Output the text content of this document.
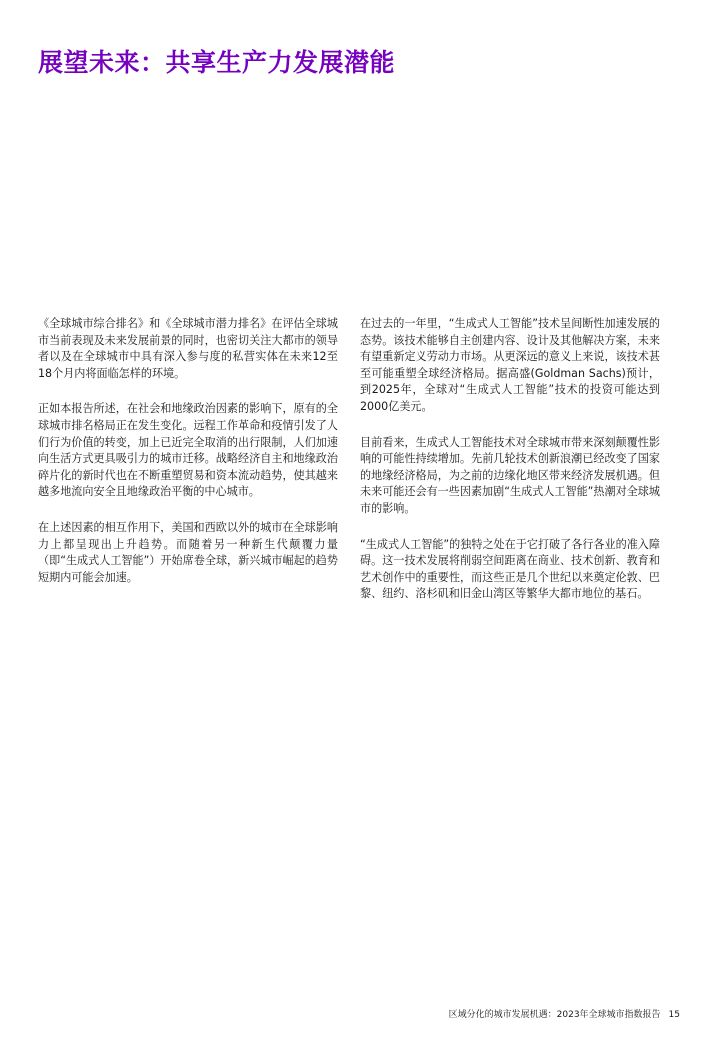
展望未来：共享生产力发展潜能

《全球城市综合排名》和《全球城市潜力排名》在评估全球城市当前表现及未来发展前景的同时，也密切关注大都市的领导者以及在全球城市中具有深入参与度的私营实体在未来12至18个月内将面临怎样的环境。

正如本报告所述，在社会和地缘政治因素的影响下，原有的全球城市排名格局正在发生变化。远程工作革命和疫情引发了人们行为价值的转变，加上已近完全取消的出行限制，人们加速向生活方式更具吸引力的城市迁移。战略经济自主和地缘政治碎片化的新时代也在不断重塑贸易和资本流动趋势，使其越来越多地流向安全且地缘政治平衡的中心城市。

在上述因素的相互作用下，美国和西欧以外的城市在全球影响力上都呈现出上升趋势。而随着另一种新生代颠覆力量（即“生成式人工智能”）开始席卷全球，新兴城市崛起的趋势短期内可能会加速。

在过去的一年里，“生成式人工智能”技术呈间断性加速发展的态势。该技术能够自主创建内容、设计及其他解决方案，未来有望重新定义劳动力市场。从更深远的意义上来说，该技术甚至可能重塑全球经济格局。据高盛(Goldman Sachs)预计，到2025年，全球对“生成式人工智能”技术的投资可能达到2000亿美元。

目前看来，生成式人工智能技术对全球城市带来深刻颠覆性影响的可能性持续增加。先前几轮技术创新浪潮已经改变了国家的地缘经济格局，为之前的边缘化地区带来经济发展机遇。但未来可能还会有一些因素加剧“生成式人工智能”热潮对全球城市的影响。

“生成式人工智能”的独特之处在于它打破了各行各业的准入障碍。这一技术发展将削弱空间距离在商业、技术创新、教育和艺术创作中的重要性，而这些正是几个世纪以来奠定伦敦、巴黎、纽约、洛杉矶和旧金山湾区等繁华大都市地位的基石。

区域分化的城市发展机遇：2023年全球城市指数报告 15
